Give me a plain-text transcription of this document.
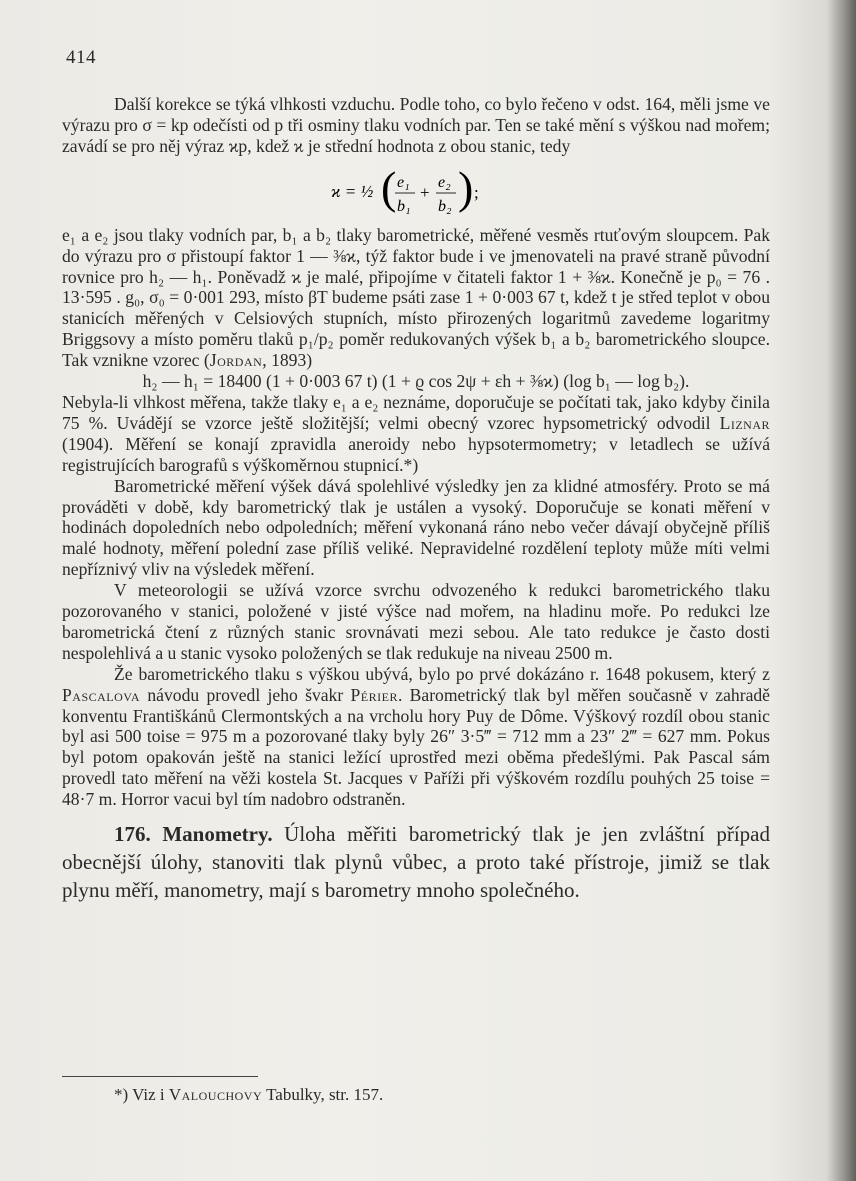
414

Další korekce se týká vlhkosti vzduchu. Podle toho, co bylo řečeno v odst. 164, měli jsme ve výrazu pro σ = kp odečísti od p tři osminy tlaku vodních par. Ten se také mění s výškou nad mořem; zavádí se pro něj výraz ϰp, kdež ϰ je střední hodnota z obou stanic, tedy

ϰ = ½ ( e₁
b₁
+
e₂
b₂ ) ;

e₁ a e₂ jsou tlaky vodních par, b₁ a b₂ tlaky barometrické, měřené vesměs rtuťovým sloupcem. Pak do výrazu pro σ přistoupí faktor 1 — ⅜ϰ, týž faktor bude i ve jmenovateli na pravé straně původní rovnice pro h₂ — h₁. Poněvadž ϰ je malé, připojíme v čitateli faktor 1 + ⅜ϰ. Konečně je p₀ = 76 . 13·595 . g₀, σ₀ = 0·001 293, místo βT budeme psáti zase 1 + 0·003 67 t, kdež t je střed teplot v obou stanicích měřených v Celsiových stupních, místo přirozených logaritmů zavedeme logaritmy Briggsovy a místo poměru tlaků p₁/p₂ poměr redukovaných výšek b₁ a b₂ barometrického sloupce. Tak vznikne vzorec (Jordan, 1893)

h₂ — h₁ = 18400 (1 + 0·003 67 t) (1 + ϱ cos 2ψ + εh + ⅜ϰ) (log b₁ — log b₂).

Nebyla-li vlhkost měřena, takže tlaky e₁ a e₂ neznáme, doporučuje se počítati tak, jako kdyby činila 75 %. Uvádějí se vzorce ještě složitější; velmi obecný vzorec hypsometrický odvodil Liznar (1904). Měření se konají zpravidla aneroidy nebo hypsotermometry; v letadlech se užívá registrujících barografů s výškoměrnou stupnicí.*)

Barometrické měření výšek dává spolehlivé výsledky jen za klidné atmosféry. Proto se má prováděti v době, kdy barometrický tlak je ustálen a vysoký. Doporučuje se konati měření v hodinách dopoledních nebo odpoledních; měření vykonaná ráno nebo večer dávají obyčejně příliš malé hodnoty, měření polední zase příliš veliké. Nepravidelné rozdělení teploty může míti velmi nepříznivý vliv na výsledek měření.

V meteorologii se užívá vzorce svrchu odvozeného k redukci barometrického tlaku pozorovaného v stanici, položené v jisté výšce nad mořem, na hladinu moře. Po redukci lze barometrická čtení z různých stanic srovnávati mezi sebou. Ale tato redukce je často dosti nespolehlivá a u stanic vysoko položených se tlak redukuje na niveau 2500 m.

Že barometrického tlaku s výškou ubývá, bylo po prvé dokázáno r. 1648 pokusem, který z Pascalova návodu provedl jeho švakr Périer. Barometrický tlak byl měřen současně v zahradě konventu Františkánů Clermontských a na vrcholu hory Puy de Dôme. Výškový rozdíl obou stanic byl asi 500 toise = 975 m a pozorované tlaky byly 26″ 3·5‴ = 712 mm a 23″ 2‴ = 627 mm. Pokus byl potom opakován ještě na stanici ležící uprostřed mezi oběma předešlými. Pak Pascal sám provedl tato měření na věži kostela St. Jacques v Paříži při výškovém rozdílu pouhých 25 toise = 48·7 m. Horror vacui byl tím nadobro odstraněn.

176. Manometry. Úloha měřiti barometrický tlak je jen zvláštní případ obecnější úlohy, stanoviti tlak plynů vůbec, a proto také přístroje, jimiž se tlak plynu měří, manometry, mají s barometry mnoho společného.

*) Viz i Valouchovy Tabulky, str. 157.
